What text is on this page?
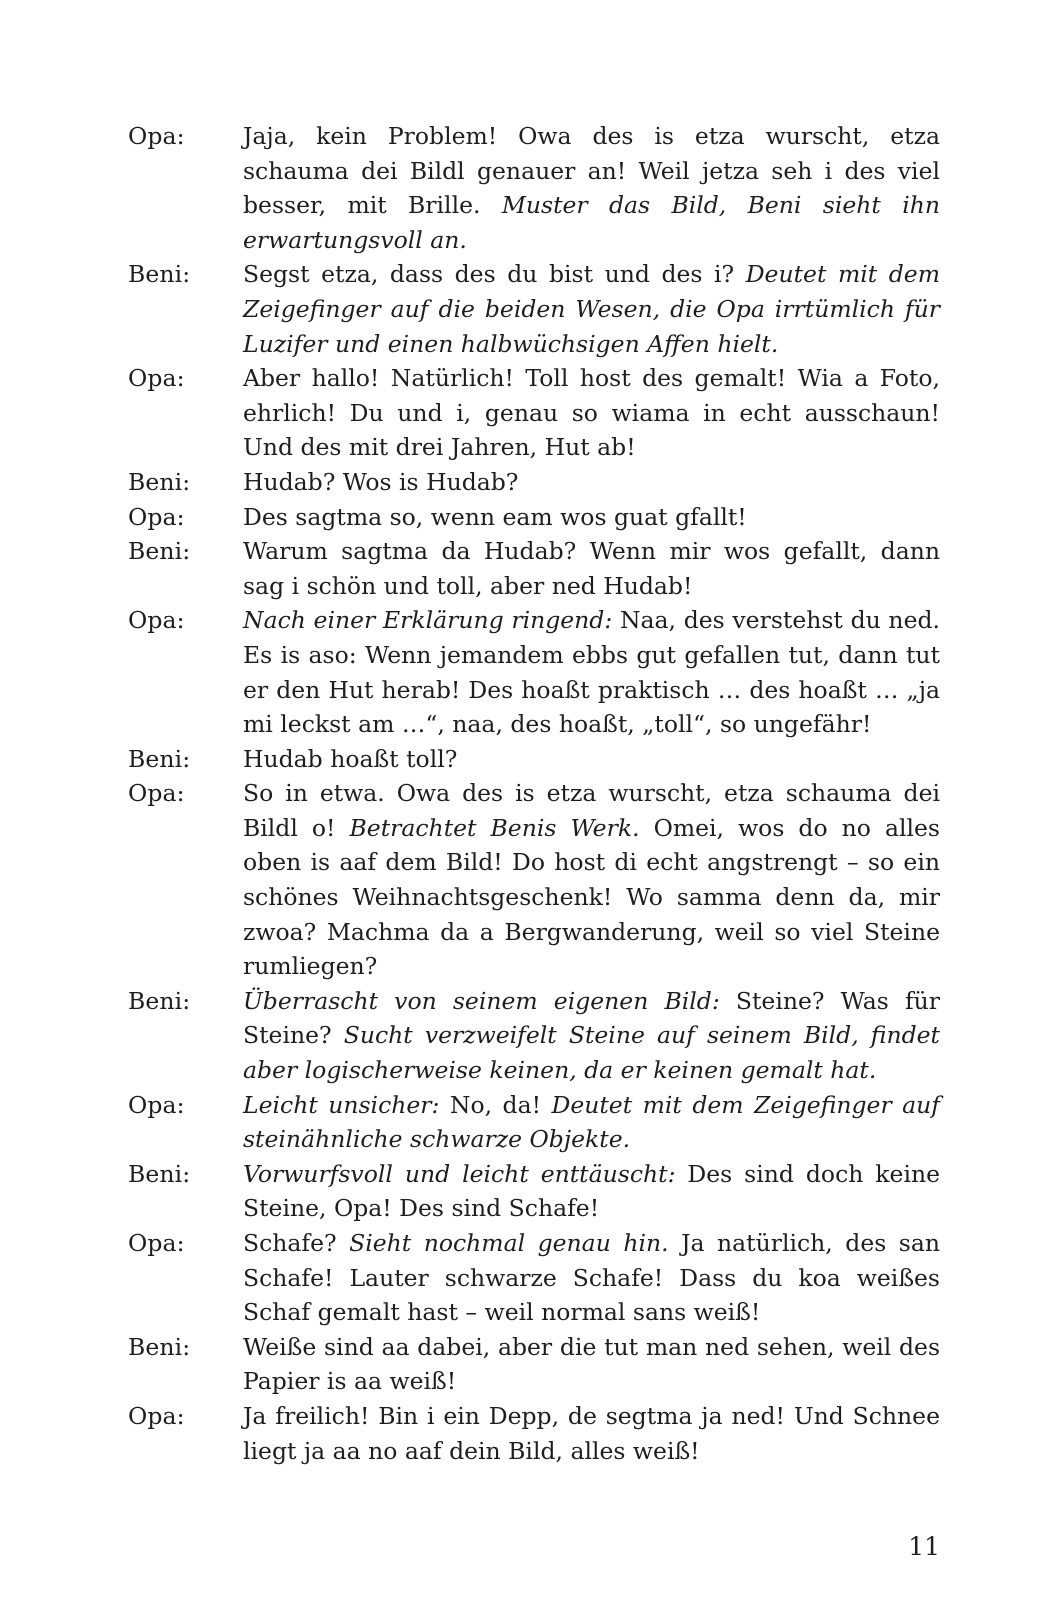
Opa:	Jaja, kein Problem! Owa des is etza wurscht, etza schauma dei Bildl genauer an! Weil jetza seh i des viel besser, mit Brille. Muster das Bild, Beni sieht ihn erwartungsvoll an.
Beni:	Segst etza, dass des du bist und des i? Deutet mit dem Zeigefinger auf die beiden Wesen, die Opa irrtümlich für Luzifer und einen halbwüchsigen Affen hielt.
Opa:	Aber hallo! Natürlich! Toll host des gemalt! Wia a Foto, ehrlich! Du und i, genau so wiama in echt ausschaun! Und des mit drei Jahren, Hut ab!
Beni:	Hudab? Wos is Hudab?
Opa:	Des sagtma so, wenn eam wos guat gfallt!
Beni:	Warum sagtma da Hudab? Wenn mir wos gefallt, dann sag i schön und toll, aber ned Hudab!
Opa:	Nach einer Erklärung ringend: Naa, des verstehst du ned. Es is aso: Wenn jemandem ebbs gut gefallen tut, dann tut er den Hut herab! Des hoaßt praktisch … des hoaßt … „ja mi leckst am …“, naa, des hoaßt, „toll“, so ungefähr!
Beni:	Hudab hoaßt toll?
Opa:	So in etwa. Owa des is etza wurscht, etza schauma dei Bildl o! Betrachtet Benis Werk. Omei, wos do no alles oben is aaf dem Bild! Do host di echt angstrengt – so ein schönes Weihnachtsgeschenk! Wo samma denn da, mir zwoa? Machma da a Bergwanderung, weil so viel Steine rumliegen?
Beni:	Überrascht von seinem eigenen Bild: Steine? Was für Steine? Sucht verzweifelt Steine auf seinem Bild, findet aber logischerweise keinen, da er keinen gemalt hat.
Opa:	Leicht unsicher: No, da! Deutet mit dem Zeigefinger auf steinähnliche schwarze Objekte.
Beni:	Vorwurfsvoll und leicht enttäuscht: Des sind doch keine Steine, Opa! Des sind Schafe!
Opa:	Schafe? Sieht nochmal genau hin. Ja natürlich, des san Schafe! Lauter schwarze Schafe! Dass du koa weißes Schaf gemalt hast – weil normal sans weiß!
Beni:	Weiße sind aa dabei, aber die tut man ned sehen, weil des Papier is aa weiß!
Opa:	Ja freilich! Bin i ein Depp, de segtma ja ned! Und Schnee liegt ja aa no aaf dein Bild, alles weiß!
11
